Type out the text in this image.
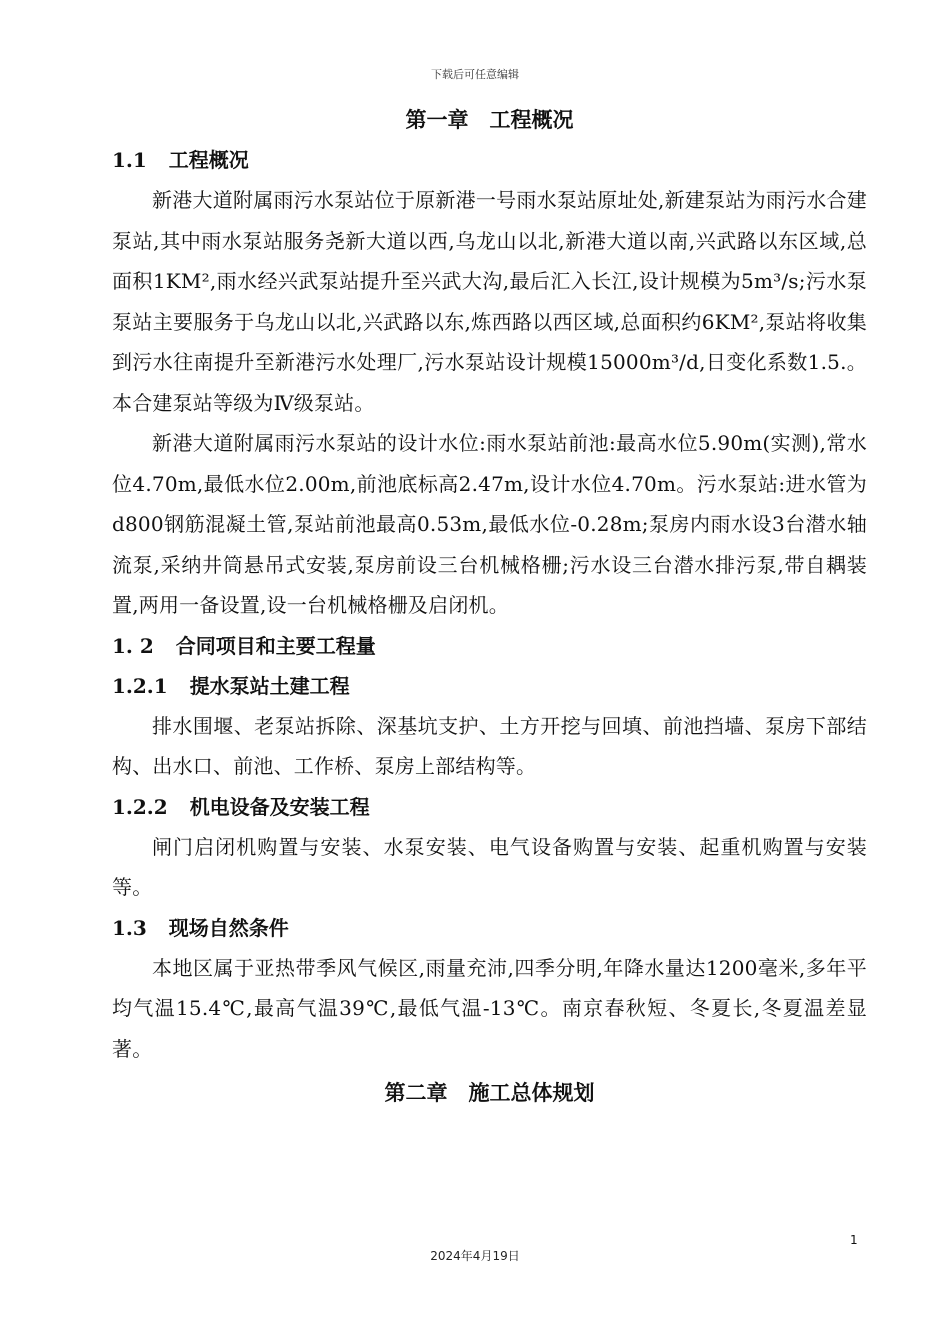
下载后可任意编辑
第一章　工程概况
1.1 工程概况

新港大道附属雨污水泵站位于原新港一号雨水泵站原址处,新建泵站为雨污水合建泵站,其中雨水泵站服务尧新大道以西,乌龙山以北,新港大道以南,兴武路以东区域,总面积1KM²,雨水经兴武泵站提升至兴武大沟,最后汇入长江,设计规模为5m³/s;污水泵泵站主要服务于乌龙山以北,兴武路以东,炼西路以西区域,总面积约6KM²,泵站将收集到污水往南提升至新港污水处理厂,污水泵站设计规模15000m³/d,日变化系数1.5.。本合建泵站等级为Ⅳ级泵站。

新港大道附属雨污水泵站的设计水位:雨水泵站前池:最高水位5.90m(实测),常水位4.70m,最低水位2.00m,前池底标高2.47m,设计水位4.70m。污水泵站:进水管为d800钢筋混凝土管,泵站前池最高0.53m,最低水位-0.28m;泵房内雨水设3台潜水轴流泵,采纳井筒悬吊式安装,泵房前设三台机械格栅;污水设三台潜水排污泵,带自耦装置,两用一备设置,设一台机械格栅及启闭机。

1. 2 合同项目和主要工程量
1.2.1 提水泵站土建工程

排水围堰、老泵站拆除、深基坑支护、土方开挖与回填、前池挡墙、泵房下部结构、出水口、前池、工作桥、泵房上部结构等。

1.2.2 机电设备及安装工程

闸门启闭机购置与安装、水泵安装、电气设备购置与安装、起重机购置与安装等。

1.3 现场自然条件

本地区属于亚热带季风气候区,雨量充沛,四季分明,年降水量达1200毫米,多年平均气温15.4℃,最高气温39℃,最低气温-13℃。南京春秋短、冬夏长,冬夏温差显著。

第二章　施工总体规划
1
2024年4月19日
